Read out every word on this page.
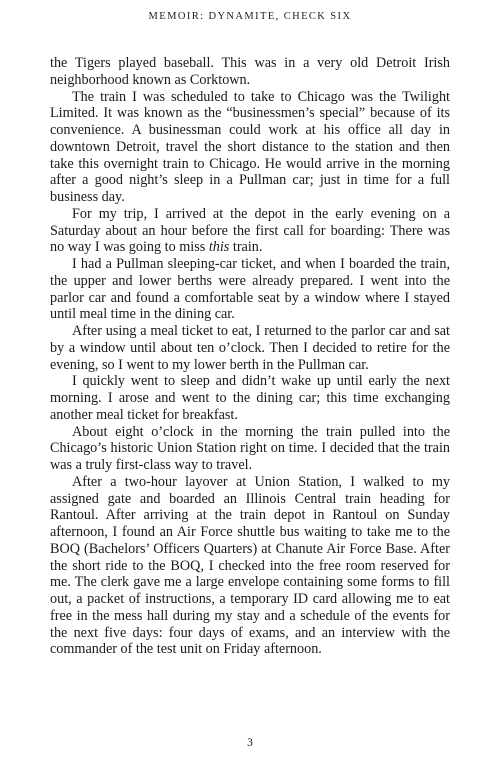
MEMOIR: DYNAMITE, CHECK SIX

the Tigers played baseball. This was in a very old Detroit Irish neighborhood known as Corktown.

The train I was scheduled to take to Chicago was the Twilight Limited. It was known as the “businessmen’s special” because of its convenience. A businessman could work at his office all day in downtown Detroit, travel the short distance to the station and then take this overnight train to Chicago. He would arrive in the morning after a good night’s sleep in a Pullman car; just in time for a full business day.

For my trip, I arrived at the depot in the early evening on a Saturday about an hour before the first call for boarding: There was no way I was going to miss this train.

I had a Pullman sleeping-car ticket, and when I boarded the train, the upper and lower berths were already prepared. I went into the parlor car and found a comfortable seat by a window where I stayed until meal time in the dining car.

After using a meal ticket to eat, I returned to the parlor car and sat by a window until about ten o’clock. Then I decided to retire for the evening, so I went to my lower berth in the Pullman car.

I quickly went to sleep and didn’t wake up until early the next morning. I arose and went to the dining car; this time exchanging another meal ticket for breakfast.

About eight o’clock in the morning the train pulled into the Chicago’s historic Union Station right on time. I decided that the train was a truly first-class way to travel.

After a two-hour layover at Union Station, I walked to my assigned gate and boarded an Illinois Central train heading for Rantoul. After arriving at the train depot in Rantoul on Sunday afternoon, I found an Air Force shuttle bus waiting to take me to the BOQ (Bachelors’ Officers Quarters) at Chanute Air Force Base. After the short ride to the BOQ, I checked into the free room reserved for me. The clerk gave me a large envelope containing some forms to fill out, a packet of instructions, a temporary ID card allowing me to eat free in the mess hall during my stay and a schedule of the events for the next five days: four days of exams, and an interview with the commander of the test unit on Friday afternoon.

3
